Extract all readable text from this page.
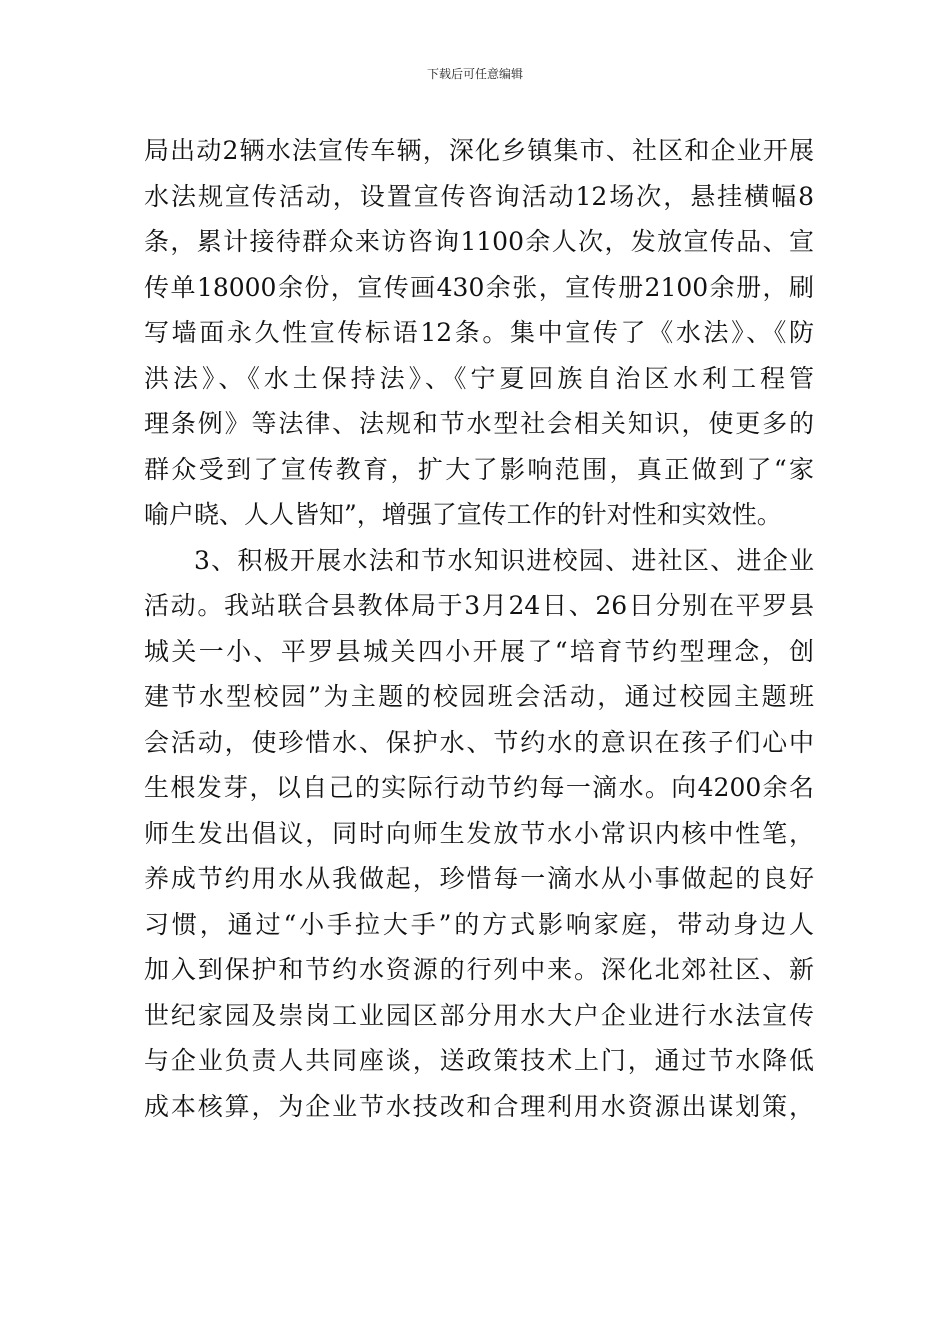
下载后可任意编辑
局出动2辆水法宣传车辆，深化乡镇集市、社区和企业开展
水法规宣传活动，设置宣传咨询活动12场次，悬挂横幅8
条，累计接待群众来访咨询1100余人次，发放宣传品、宣
传单18000余份，宣传画430余张，宣传册2100余册，刷
写墙面永久性宣传标语12条。集中宣传了《水法》、《防
洪法》、《水土保持法》、《宁夏回族自治区水利工程管
理条例》等法律、法规和节水型社会相关知识，使更多的
群众受到了宣传教育，扩大了影响范围，真正做到了“家
喻户晓、人人皆知”，增强了宣传工作的针对性和实效性。
3、积极开展水法和节水知识进校园、进社区、进企业
活动。我站联合县教体局于3月24日、26日分别在平罗县
城关一小、平罗县城关四小开展了“培育节约型理念，创
建节水型校园”为主题的校园班会活动，通过校园主题班
会活动，使珍惜水、保护水、节约水的意识在孩子们心中
生根发芽，以自己的实际行动节约每一滴水。向4200余名
师生发出倡议，同时向师生发放节水小常识内核中性笔，
养成节约用水从我做起，珍惜每一滴水从小事做起的良好
习惯，通过“小手拉大手”的方式影响家庭，带动身边人
加入到保护和节约水资源的行列中来。深化北郊社区、新
世纪家园及崇岗工业园区部分用水大户企业进行水法宣传
与企业负责人共同座谈，送政策技术上门，通过节水降低
成本核算，为企业节水技改和合理利用水资源出谋划策，
